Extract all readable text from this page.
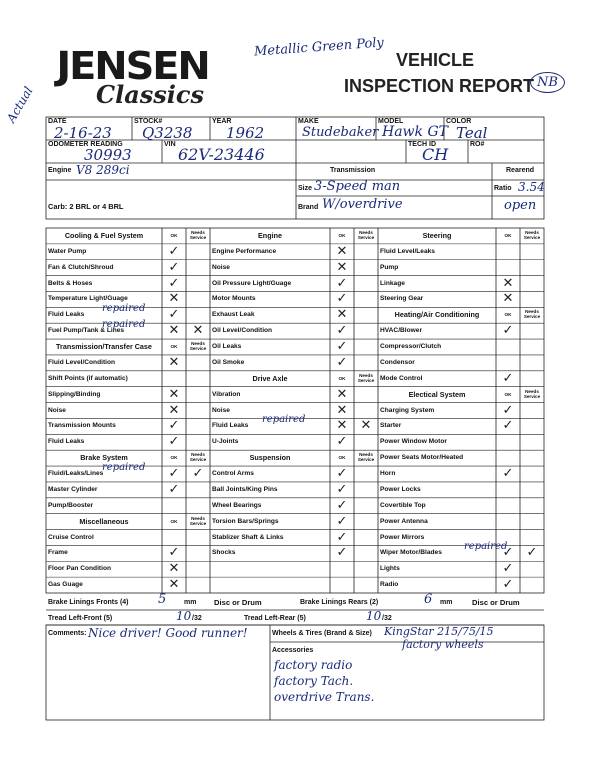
JENSEN
Classics
Metallic Green Poly
VEHICLE
INSPECTION REPORT NB
Actual DATE
2-16-23
STOCK#
Q3238
YEAR
1962
MAKE
Studebaker
MODEL
Hawk GT
COLOR
Teal
ODOMETER READING
30993
VIN
62V-23446
TECH ID
CH
RO#
Engine V8 289ci	Transmission	Rearend
Size 3-Speed man	Ratio 3.54
Brand W/overdrive	open
Carb: 2 BRL or 4 BRL
Cooling & Fuel System	OK
Needs Service
Water Pump	✓
Fan & Clutch/Shroud	✓
Belts & Hoses	✓
Temperature Light/Guage	✕
Fluid Leaks	✓
repaired
Fuel Pump/Tank & Lines	✕	✕
repaired
Transmission/Transfer Case	OK
Needs Service
Fluid Level/Condition	✕
Shift Points (if automatic)
Slipping/Binding	✕
Noise	✕
Transmission Mounts	✓
Fluid Leaks	✓
Brake System	OK
Needs Service
Fluid/Leaks/Lines	✓	✓
repaired
Master Cylinder	✓
Pump/Booster
Miscellaneous	OK
Needs Service
Cruise Control
Frame	✓
Floor Pan Condition	✕
Gas Guage	✕
Engine	OK
Needs Service
Engine Performance	✕
Noise	✕
Oil Pressure Light/Guage	✓
Motor Mounts	✓
Exhaust Leak	✕
Oil Level/Condition	✓
Oil Leaks	✓
Oil Smoke	✓
Drive Axle	OK
Needs Service
Vibration	✕
Noise	✕
Fluid Leaks	✕	✕
repaired
U-Joints	✓
Suspension	OK
Needs Service
Control Arms	✓
Ball Joints/King Pins	✓
Wheel Bearings	✓
Torsion Bars/Springs	✓
Stablizer Shaft & Links	✓
Shocks	✓
Steering	OK
Needs Service
Fluid Level/Leaks
Pump
Linkage	✕
Steering Gear	✕
Heating/Air Conditioning	OK
Needs Service
HVAC/Blower	✓
Compressor/Clutch
Condensor
Mode Control	✓
Electical System	OK
Needs Service
Charging System	✓
Starter	✓
Power Window Motor
Power Seats Motor/Heated
Horn	✓
Power Locks
Covertible Top
Power Antenna
Power Mirrors
Wiper Motor/Blades	✓	✓
repaired
Lights	✓
Radio	✓
Brake Linings Fronts (4) 5	mm Disc or Drum	Brake Linings Rears (2)	6 mm	Disc or Drum
Tread Left-Front (5)	10 /32	Tread Left-Rear (5)	10 /32
Comments: Nice driver! Good runner!	Wheels & Tires (Brand & Size) KingStar 215/75/15
factory wheels
Accessories
factory radio
factory Tach.
overdrive Trans.
